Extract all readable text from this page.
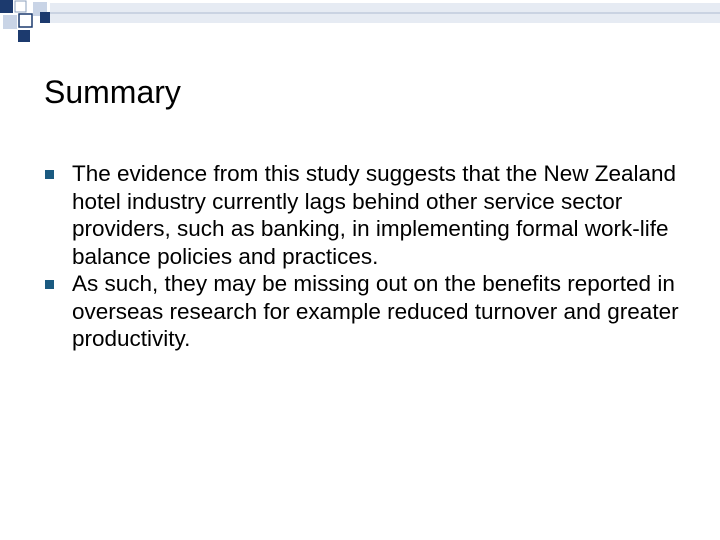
Summary
The evidence from this study suggests that the New Zealand hotel industry currently lags behind other service sector providers, such as banking, in implementing formal work-life balance policies and practices.
As such, they may be missing out on the benefits reported in overseas research for example reduced turnover and greater productivity.
